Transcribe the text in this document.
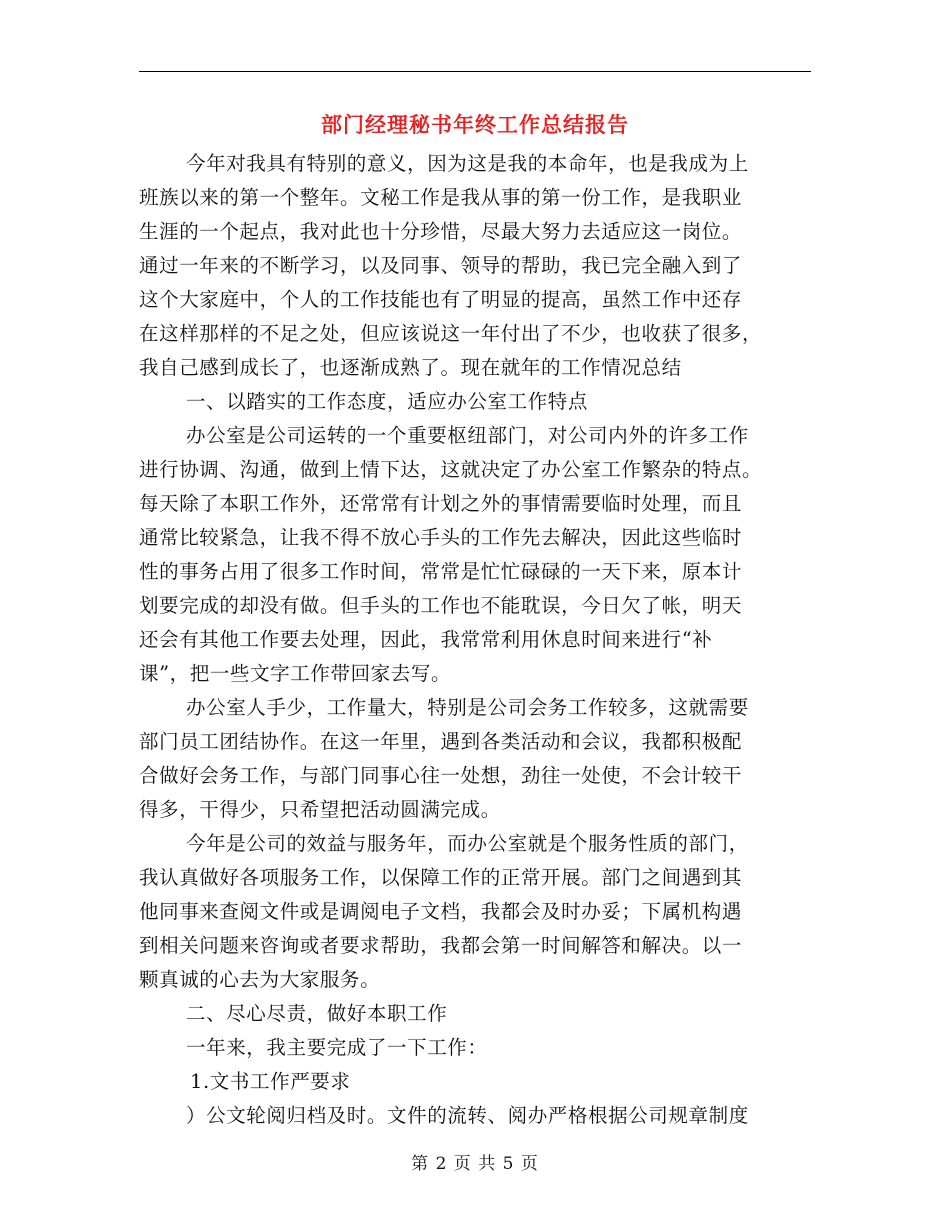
部门经理秘书年终工作总结报告
今年对我具有特别的意义，因为这是我的本命年，也是我成为上
班族以来的第一个整年。文秘工作是我从事的第一份工作，是我职业
生涯的一个起点，我对此也十分珍惜，尽最大努力去适应这一岗位。
通过一年来的不断学习，以及同事、领导的帮助，我已完全融入到了
这个大家庭中，个人的工作技能也有了明显的提高，虽然工作中还存
在这样那样的不足之处，但应该说这一年付出了不少，也收获了很多，
我自己感到成长了，也逐渐成熟了。现在就年的工作情况总结
一、以踏实的工作态度，适应办公室工作特点
办公室是公司运转的一个重要枢纽部门，对公司内外的许多工作
进行协调、沟通，做到上情下达，这就决定了办公室工作繁杂的特点。
每天除了本职工作外，还常常有计划之外的事情需要临时处理，而且
通常比较紧急，让我不得不放心手头的工作先去解决，因此这些临时
性的事务占用了很多工作时间，常常是忙忙碌碌的一天下来，原本计
划要完成的却没有做。但手头的工作也不能耽误，今日欠了帐，明天
还会有其他工作要去处理，因此，我常常利用休息时间来进行“补
课”，把一些文字工作带回家去写。
办公室人手少，工作量大，特别是公司会务工作较多，这就需要
部门员工团结协作。在这一年里，遇到各类活动和会议，我都积极配
合做好会务工作，与部门同事心往一处想，劲往一处使，不会计较干
得多，干得少，只希望把活动圆满完成。
今年是公司的效益与服务年，而办公室就是个服务性质的部门，
我认真做好各项服务工作，以保障工作的正常开展。部门之间遇到其
他同事来查阅文件或是调阅电子文档，我都会及时办妥；下属机构遇
到相关问题来咨询或者要求帮助，我都会第一时间解答和解决。以一
颗真诚的心去为大家服务。
二、尽心尽责，做好本职工作
一年来，我主要完成了一下工作：
1.文书工作严要求
）公文轮阅归档及时。文件的流转、阅办严格根据公司规章制度
第 2 页 共 5 页
